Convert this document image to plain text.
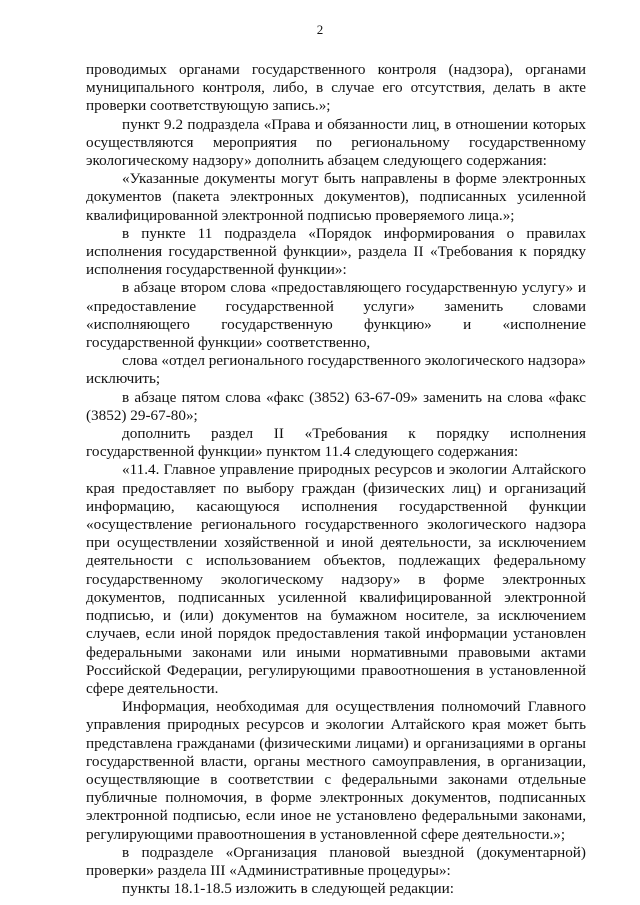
2

проводимых органами государственного контроля (надзора), органами муниципального контроля, либо, в случае его отсутствия, делать в акте проверки соответствующую запись.»;

пункт 9.2 подраздела «Права и обязанности лиц, в отношении которых осуществляются мероприятия по региональному государственному экологическому надзору» дополнить абзацем следующего содержания:

«Указанные документы могут быть направлены в форме электронных документов (пакета электронных документов), подписанных усиленной квалифицированной электронной подписью проверяемого лица.»;

в пункте 11 подраздела «Порядок информирования о правилах исполнения государственной функции», раздела II «Требования к порядку исполнения государственной функции»:

в абзаце втором слова «предоставляющего государственную услугу» и «предоставление государственной услуги» заменить словами «исполняющего государственную функцию» и «исполнение государственной функции» соответственно,

слова «отдел регионального государственного экологического надзора» исключить;

в абзаце пятом слова «факс (3852) 63-67-09» заменить на слова «факс (3852) 29-67-80»;

дополнить раздел II «Требования к порядку исполнения государственной функции» пунктом 11.4 следующего содержания:

«11.4. Главное управление природных ресурсов и экологии Алтайского края предоставляет по выбору граждан (физических лиц) и организаций информацию, касающуюся исполнения государственной функции «осуществление регионального государственного экологического надзора при осуществлении хозяйственной и иной деятельности, за исключением деятельности с использованием объектов, подлежащих федеральному государственному экологическому надзору» в форме электронных документов, подписанных усиленной квалифицированной электронной подписью, и (или) документов на бумажном носителе, за исключением случаев, если иной порядок предоставления такой информации установлен федеральными законами или иными нормативными правовыми актами Российской Федерации, регулирующими правоотношения в установленной сфере деятельности.

Информация, необходимая для осуществления полномочий Главного управления природных ресурсов и экологии Алтайского края может быть представлена гражданами (физическими лицами) и организациями в органы государственной власти, органы местного самоуправления, в организации, осуществляющие в соответствии с федеральными законами отдельные публичные полномочия, в форме электронных документов, подписанных электронной подписью, если иное не установлено федеральными законами, регулирующими правоотношения в установленной сфере деятельности.»;

в подразделе «Организация плановой выездной (документарной) проверки» раздела III «Административные процедуры»:

пункты 18.1-18.5 изложить в следующей редакции:
